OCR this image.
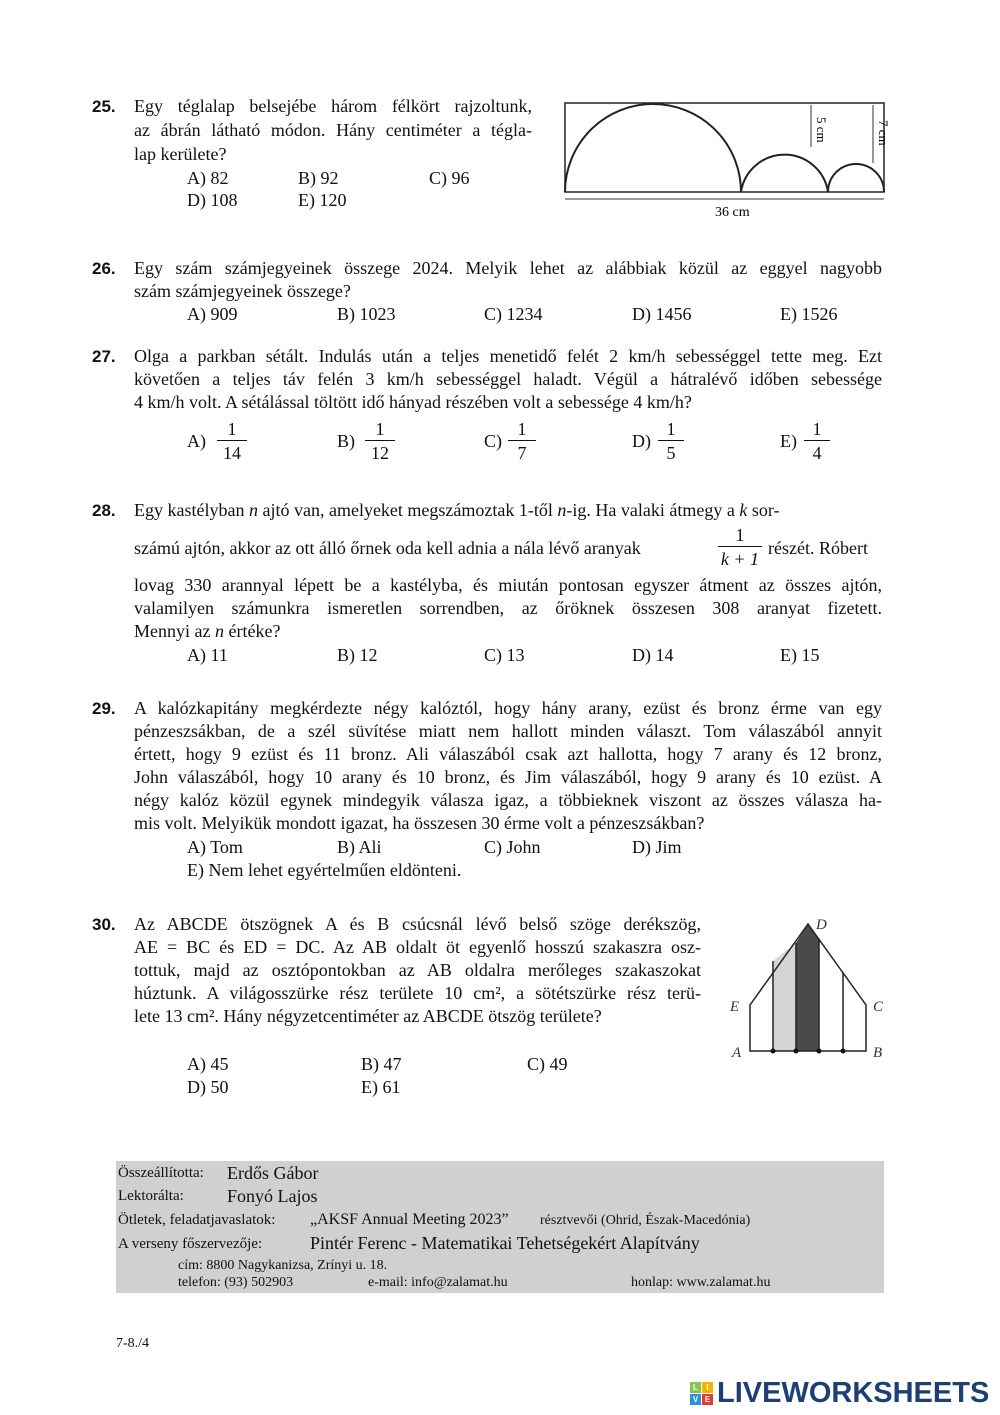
25. Egy téglalap belsejébe három félkört rajzoltunk,
az ábrán látható módon. Hány centiméter a tégla-
lap kerülete?
A) 82	B) 92	C) 96
D) 108	E) 120
5 cm	7 cm
36 cm
26. Egy szám számjegyeinek összege 2024. Melyik lehet az alábbiak közül az eggyel nagyobb
szám számjegyeinek összege?
A) 909	B) 1023	C) 1234	D) 1456	E) 1526
27. Olga a parkban sétált. Indulás után a teljes menetidő felét 2 km/h sebességgel tette meg. Ezt
követően a teljes táv felén 3 km/h sebességgel haladt. Végül a hátralévő időben sebessége
4 km/h volt. A sétálással töltött idő hányad részében volt a sebessége 4 km/h?
$A) \frac{1}{14}$	$B) \frac{1}{12}$	$C) \frac{1}{7}$	$D) \frac{1}{5}$	$E) \frac{1}{4}$
28. Egy kastélyban n ajtó van, amelyeket megszámoztak 1-től n-ig. Ha valaki átmegy a k sor-
számú ajtón, akkor az ott álló őrnek oda kell adnia a nála lévő aranyak	$\frac{1}{k + 1}$ részét. Róbert
lovag 330 arannyal lépett be a kastélyba, és miután pontosan egyszer átment az összes ajtón,
valamilyen számunkra ismeretlen sorrendben, az őröknek összesen 308 aranyat fizetett.
Mennyi az n értéke?
A) 11	B) 12	C) 13	D) 14	E) 15
29. A kalózkapitány megkérdezte négy kalóztól, hogy hány arany, ezüst és bronz érme van egy
pénzeszsákban, de a szél süvítése miatt nem hallott minden választ. Tom válaszából annyit
értett, hogy 9 ezüst és 11 bronz. Ali válaszából csak azt hallotta, hogy 7 arany és 12 bronz,
John válaszából, hogy 10 arany és 10 bronz, és Jim válaszából, hogy 9 arany és 10 ezüst. A
négy kalóz közül egynek mindegyik válasza igaz, a többieknek viszont az összes válasza ha-
mis volt. Melyikük mondott igazat, ha összesen 30 érme volt a pénzeszsákban?
A) Tom	B) Ali	C) John	D) Jim
E) Nem lehet egyértelműen eldönteni.
30. Az ABCDE ötszögnek A és B csúcsnál lévő belső szöge derékszög,
AE = BC és ED = DC. Az AB oldalt öt egyenlő hosszú szakaszra osz-
tottuk, majd az osztópontokban az AB oldalra merőleges szakaszokat
húztunk. A világosszürke rész területe 10 cm², a sötétszürke rész terü-
lete 13 cm². Hány négyzetcentiméter az ABCDE ötszög területe?
A) 45	B) 47	C) 49
D) 50	E) 61
D
E	C
A	B
Összeállította: Erdős Gábor
Lektorálta: Fonyó Lajos
Ötletek, feladatjavaslatok: „AKSF Annual Meeting 2023” résztvevői (Ohrid, Észak-Macedónia)
A verseny főszervezője:	Pintér Ferenc - Matematikai Tehetségekért Alapítvány
cím: 8800 Nagykanizsa, Zrínyi u. 18.
telefon: (93) 502903	e-mail: info@zalamat.hu	honlap: www.zalamat.hu
7-8./4
L	I
V E LIVEWORKSHEETS
